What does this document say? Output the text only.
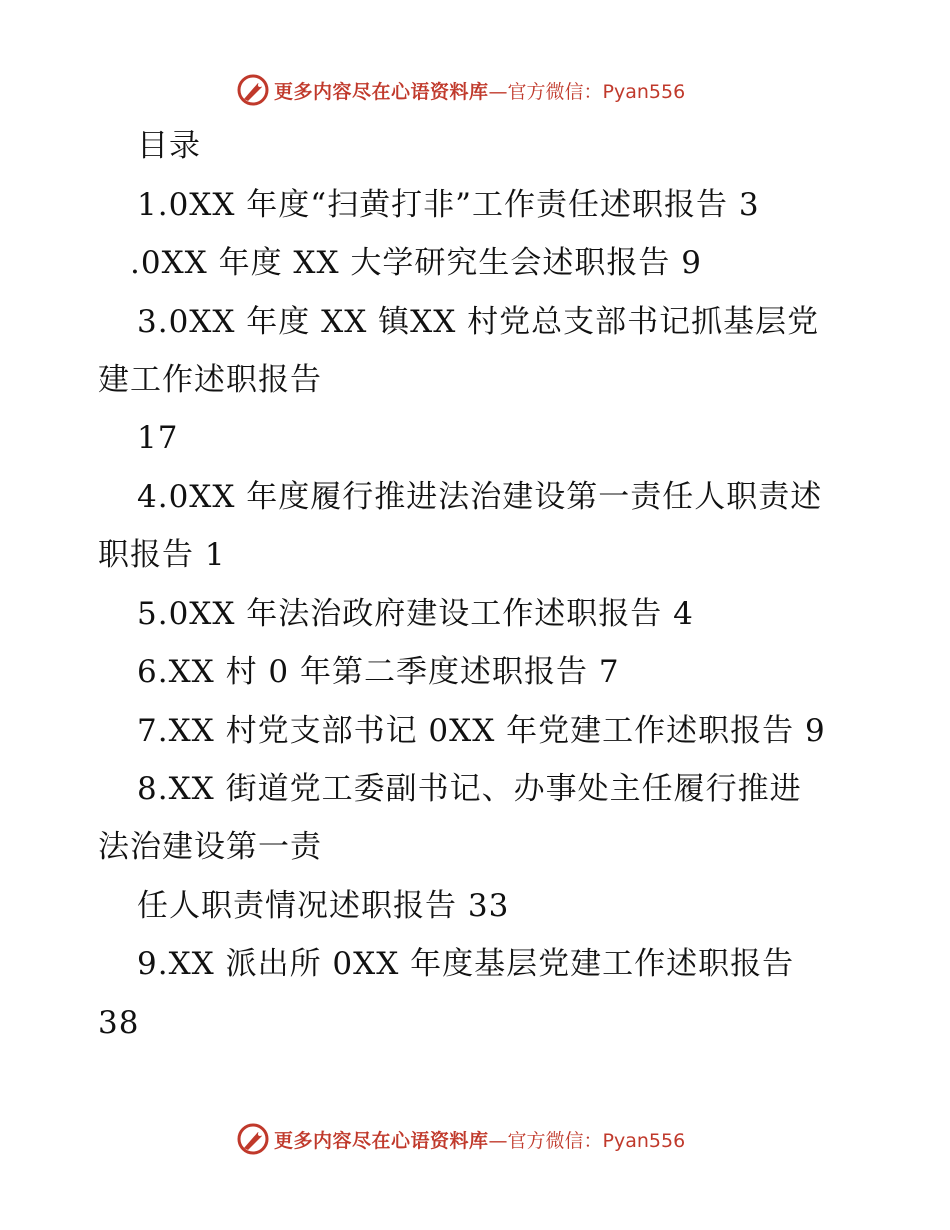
更多内容尽在心语资料库 —官方微信：Pyan556
目录
1.0XX 年度“扫黄打非”工作责任述职报告 3
.0XX 年度 XX 大学研究生会述职报告 9
3.0XX 年度 XX 镇XX 村党总支部书记抓基层党
建工作述职报告
17
4.0XX 年度履行推进法治建设第一责任人职责述
职报告 1
5.0XX 年法治政府建设工作述职报告 4
6.XX 村 0 年第二季度述职报告 7
7.XX 村党支部书记 0XX 年党建工作述职报告 9
8.XX 街道党工委副书记、办事处主任履行推进
法治建设第一责
任人职责情况述职报告 33
9.XX 派出所 0XX 年度基层党建工作述职报告
38
更多内容尽在心语资料库 —官方微信：Pyan556
